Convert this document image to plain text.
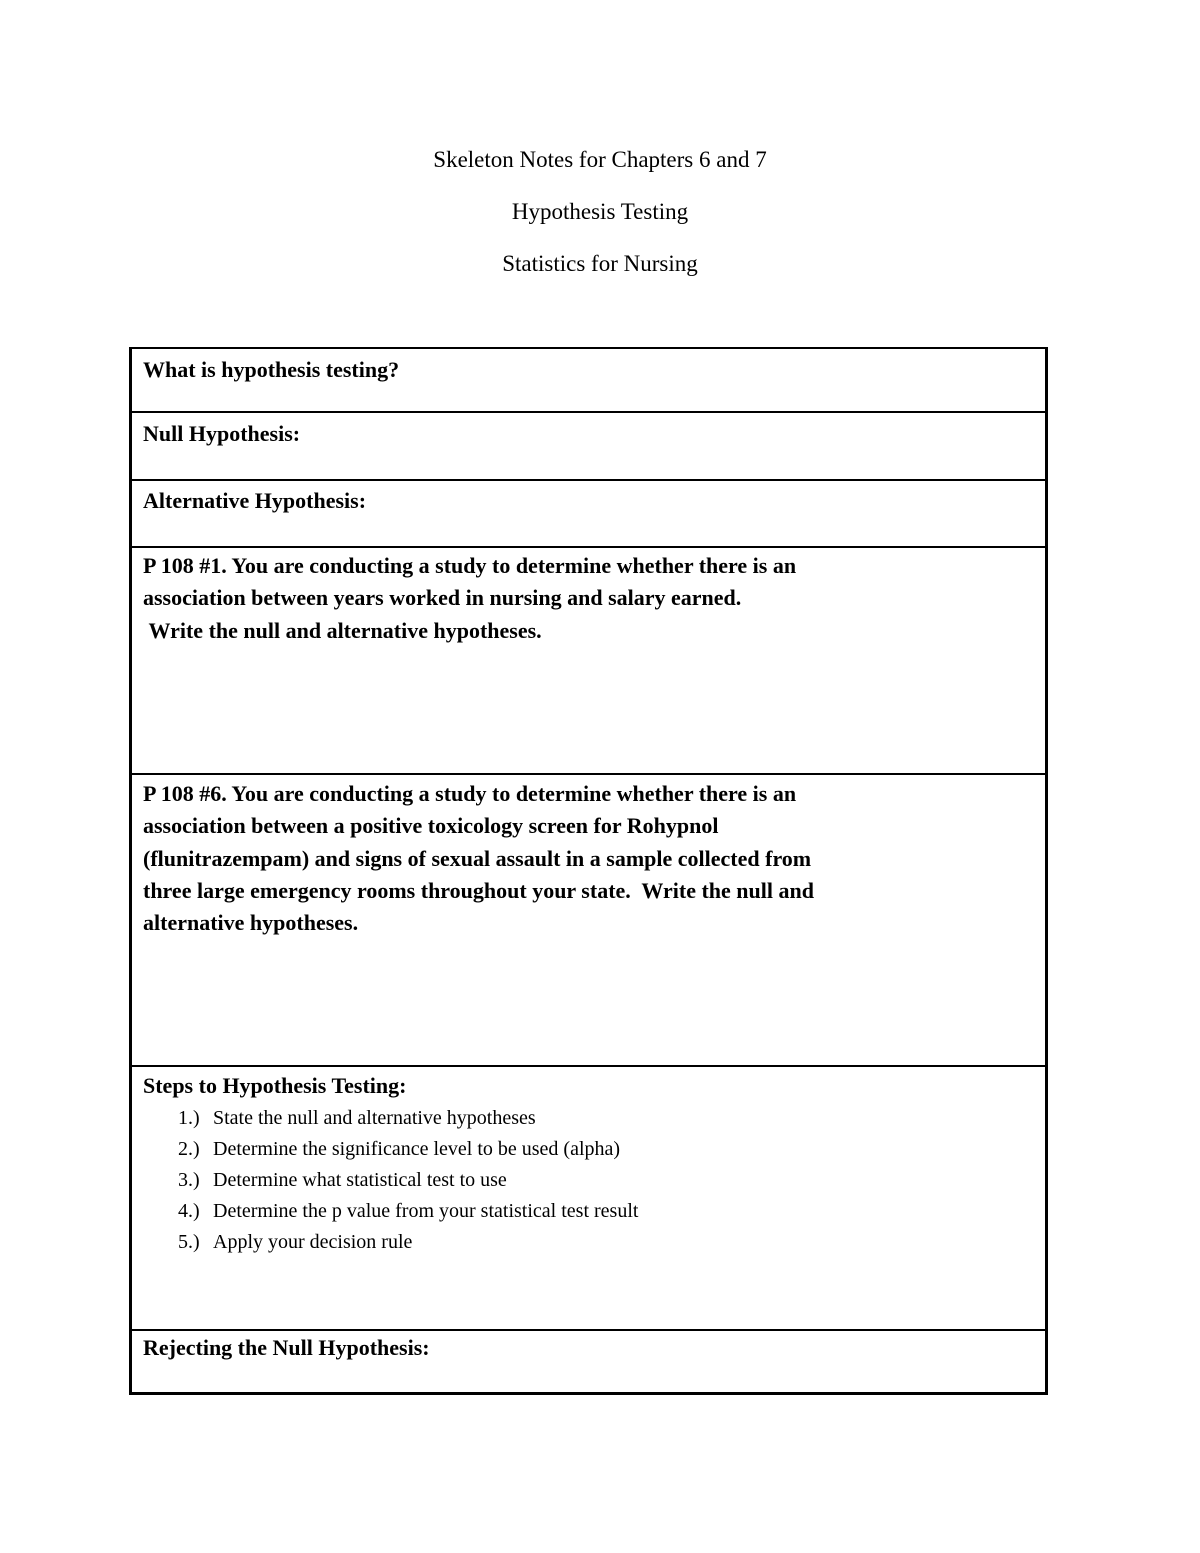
Skeleton Notes for Chapters 6 and 7
Hypothesis Testing
Statistics for Nursing
What is hypothesis testing?
Null Hypothesis:
Alternative Hypothesis:
P 108 #1. You are conducting a study to determine whether there is an
association between years worked in nursing and salary earned.
Write the null and alternative hypotheses.
P 108 #6. You are conducting a study to determine whether there is an
association between a positive toxicology screen for Rohypnol
(flunitrazempam) and signs of sexual assault in a sample collected from
three large emergency rooms throughout your state.  Write the null and
alternative hypotheses.
Steps to Hypothesis Testing:
1.) State the null and alternative hypotheses
2.) Determine the significance level to be used (alpha)
3.) Determine what statistical test to use
4.) Determine the p value from your statistical test result
5.) Apply your decision rule
Rejecting the Null Hypothesis:
